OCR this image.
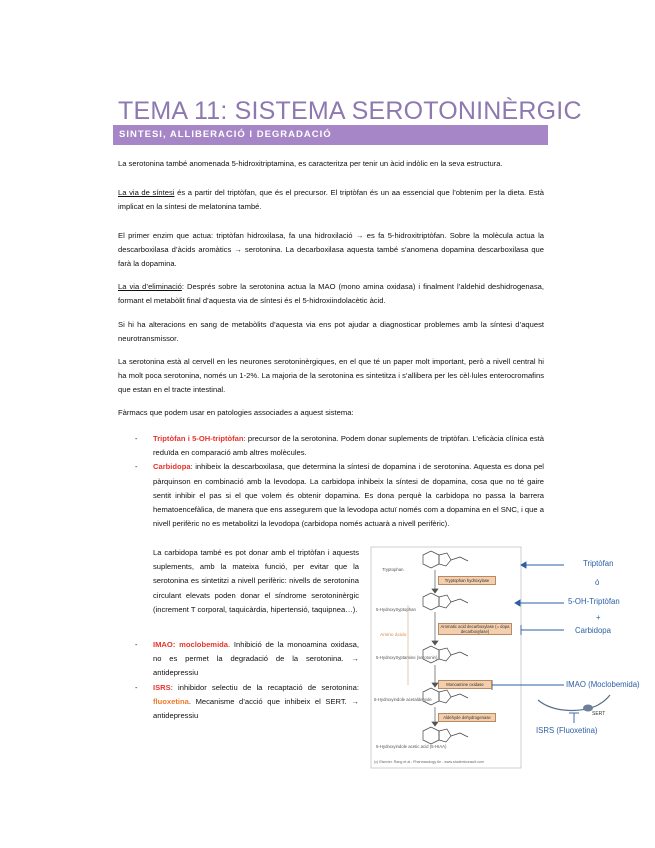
TEMA 11: SISTEMA SEROTONINÈRGIC
SINTESI, ALLIBERACIÓ I DEGRADACIÓ

La serotonina també anomenada 5-hidroxitriptamina, es caracteritza per tenir un àcid indòlic en la seva estructura.

La via de síntesi és a partir del triptòfan, que és el precursor. El triptòfan és un aa essencial que l’obtenim per la dieta. Està implicat en la síntesi de melatonina també.

El primer enzim que actua: triptòfan hidroxilasa, fa una hidroxilació → es fa 5-hidroxitriptòfan. Sobre la molècula actua la descarboxilasa d’àcids aromàtics → serotonina. La decarboxilasa aquesta també s’anomena dopamina descarboxilasa que farà la dopamina.

La via d’eliminació: Després sobre la serotonina actua la MAO (mono amina oxidasa) i finalment l’aldehid deshidrogenasa, formant el metabòlit final d’aquesta via de síntesi és el 5-hidroxiindolacètic àcid.

Si hi ha alteracions en sang de metabòlits d’aquesta via ens pot ajudar a diagnosticar problemes amb la síntesi d’aquest neurotransmissor.

La serotonina està al cervell en les neurones serotoninèrgiques, en el que té un paper molt important, però a nivell central hi ha molt poca serotonina, només un 1-2%. La majoria de la serotonina es sintetitza i s’allibera per les cèl·lules enterocromafins que estan en el tracte intestinal.

Fàrmacs que podem usar en patologies associades a aquest sistema:

- Triptòfan i 5-OH-triptòfan: precursor de la serotonina. Podem donar suplements de triptòfan. L’eficàcia clínica està reduïda en comparació amb altres molècules.
- Carbidopa: inhibeix la descarboxilasa, que determina la síntesi de dopamina i de serotonina. Aquesta es dona pel pàrquinson en combinació amb la levodopa. La carbidopa inhibeix la síntesi de dopamina, cosa que no té gaire sentit inhibir el pas si el que volem és obtenir dopamina. Es dona perquè la carbidopa no passa la barrera hematoencefàlica, de manera que ens assegurem que la levodopa actuï només com a dopamina en el SNC, i que a nivell perifèric no es metabolitzi la levodopa (carbidopa només actuarà a nivell perifèric).

La carbidopa també es pot donar amb el triptòfan i aquests suplements, amb la mateixa funció, per evitar que la serotonina es sintetitzi a nivell perifèric: nivells de serotonina circulant elevats poden donar el síndrome serotoninèrgic (increment T corporal, taquicàrdia, hipertensió, taquipnea…).

- IMAO: moclobemida. Inhibició de la monoamina oxidasa, no es permet la degradació de la serotonina. → antidepressiu
- ISRS: inhibidor selectiu de la recaptació de serotonina: fluoxetina. Mecanisme d’acció que inhibeix el SERT. → antidepressiu
Tryptophan
5-Hydroxytryptophan
5-Hydroxytryptamine (serotonin)
5-Hydroxyindole acetaldehyde
5-Hydroxyindole acetic acid (5-HIAA)
Amino ácido
Tryptophan hydroxylase
Aromatic acid decarboxylase (= dopa decarboxylase)
Monoamine oxidase
Aldehyde dehydrogenase
(c) Elsevier. Rang et al.: Pharmacology 6e - www.studentconsult.com
Triptòfan
ó
5-OH-Triptòfan
+
Carbidopa
IMAO (Moclobemida)
SERT
ISRS (Fluoxetina)
